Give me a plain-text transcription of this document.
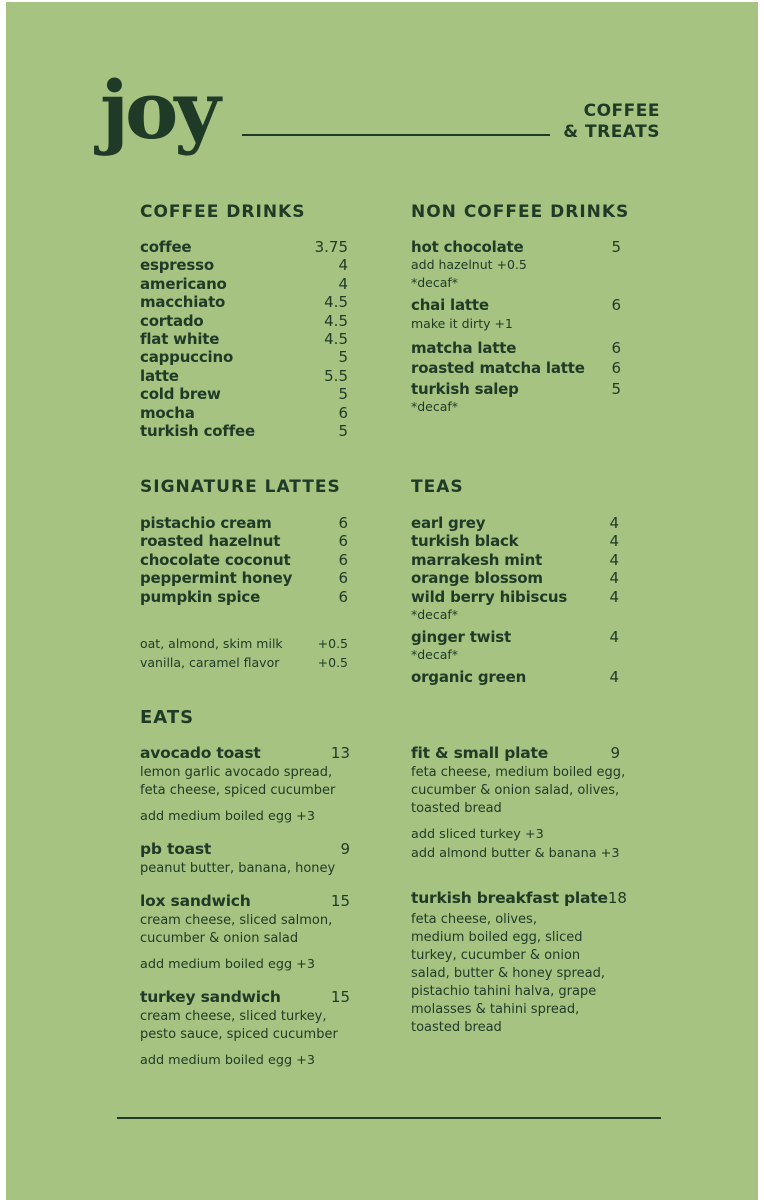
joy	COFFEE
& TREATS
COFFEE DRINKS
coffee	3.75
espresso	4
americano	4
macchiato	4.5
cortado	4.5
flat white	4.5
cappuccino	5
latte	5.5
cold brew	5
mocha	6
turkish coffee	5
NON COFFEE DRINKS
hot chocolate	5
add hazelnut +0.5
*decaf*
chai latte	6
make it dirty +1
matcha latte	6
roasted matcha latte 6
turkish salep	5
*decaf*
SIGNATURE LATTES
pistachio cream	6
roasted hazelnut	6
chocolate coconut	6
peppermint honey	6
pumpkin spice	6
oat, almond, skim milk	+0.5
vanilla, caramel flavor	+0.5
TEAS
earl grey	4
turkish black	4
marrakesh mint	4
orange blossom	4
wild berry hibiscus	4
*decaf*
ginger twist	4
*decaf*
organic green	4
EATS
avocado toast	13
lemon garlic avocado spread,
feta cheese, spiced cucumber
add medium boiled egg +3
pb toast	9
peanut butter, banana, honey
lox sandwich	15
cream cheese, sliced salmon,
cucumber & onion salad
add medium boiled egg +3
turkey sandwich	15
cream cheese, sliced turkey,
pesto sauce, spiced cucumber
add medium boiled egg +3
fit & small plate	9
feta cheese, medium boiled egg,
cucumber & onion salad, olives,
toasted bread
add sliced turkey +3
add almond butter & banana +3
turkish breakfast plate 18
feta cheese, olives,
medium boiled egg, sliced
turkey, cucumber & onion
salad, butter & honey spread,
pistachio tahini halva, grape
molasses & tahini spread,
toasted bread
